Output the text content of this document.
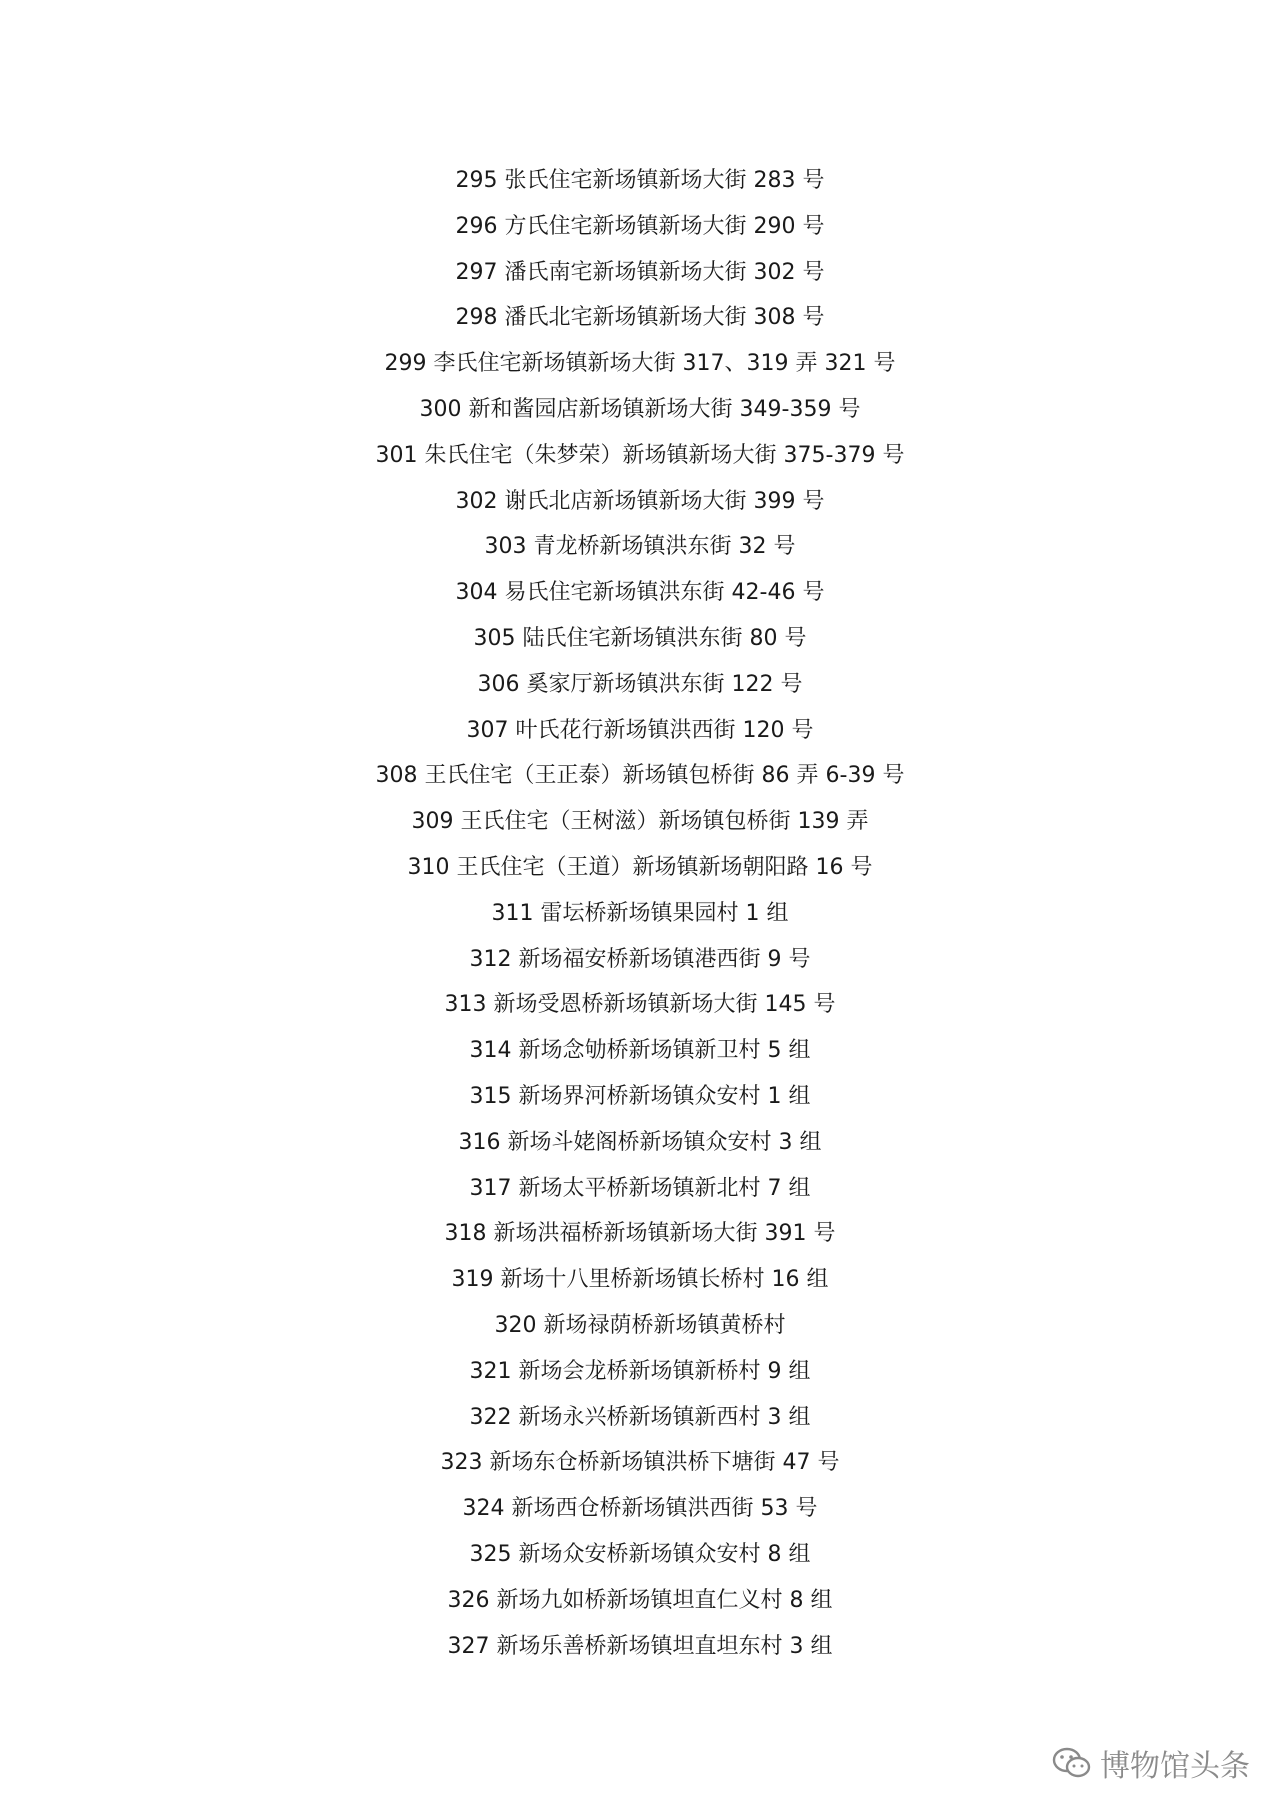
295 张氏住宅新场镇新场大街 283 号
296 方氏住宅新场镇新场大街 290 号
297 潘氏南宅新场镇新场大街 302 号
298 潘氏北宅新场镇新场大街 308 号
299 李氏住宅新场镇新场大街 317、319 弄 321 号
300 新和酱园店新场镇新场大街 349-359 号
301 朱氏住宅（朱梦荣）新场镇新场大街 375-379 号
302 谢氏北店新场镇新场大街 399 号
303 青龙桥新场镇洪东街 32 号
304 易氏住宅新场镇洪东街 42-46 号
305 陆氏住宅新场镇洪东街 80 号
306 奚家厅新场镇洪东街 122 号
307 叶氏花行新场镇洪西街 120 号
308 王氏住宅（王正泰）新场镇包桥街 86 弄 6-39 号
309 王氏住宅（王树滋）新场镇包桥街 139 弄
310 王氏住宅（王道）新场镇新场朝阳路 16 号
311 雷坛桥新场镇果园村 1 组
312 新场福安桥新场镇港西街 9 号
313 新场受恩桥新场镇新场大街 145 号
314 新场念劬桥新场镇新卫村 5 组
315 新场界河桥新场镇众安村 1 组
316 新场斗姥阁桥新场镇众安村 3 组
317 新场太平桥新场镇新北村 7 组
318 新场洪福桥新场镇新场大街 391 号
319 新场十八里桥新场镇长桥村 16 组
320 新场禄荫桥新场镇黄桥村
321 新场会龙桥新场镇新桥村 9 组
322 新场永兴桥新场镇新西村 3 组
323 新场东仓桥新场镇洪桥下塘街 47 号
324 新场西仓桥新场镇洪西街 53 号
325 新场众安桥新场镇众安村 8 组
326 新场九如桥新场镇坦直仁义村 8 组
327 新场乐善桥新场镇坦直坦东村 3 组
博物馆头条
